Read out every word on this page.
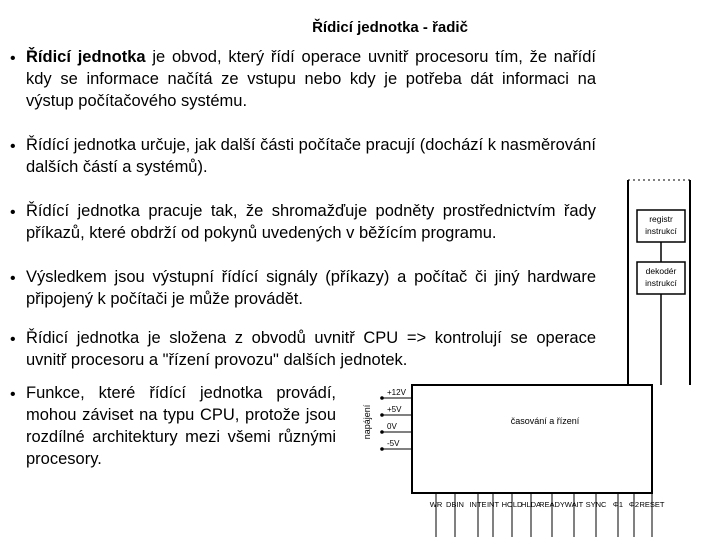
Řídicí jednotka - řadič
• Řídicí jednotka je obvod, který řídí operace uvnitř procesoru tím, že nařídí kdy se informace načítá ze vstupu nebo kdy je potřeba dát informaci na výstup počítačového systému.
• Řídící jednotka určuje, jak další části počítače pracují (dochází k nasměrování dalších částí a systémů).
• Řídící jednotka pracuje tak, že shromažďuje podněty prostřednictvím řady příkazů, které obdrží od pokynů uvedených v běžícím programu.
• Výsledkem jsou výstupní řídící signály (příkazy) a počítač či jiný hardware připojený k počítači je může provádět.
• Řídicí jednotka je složena z obvodů uvnitř CPU => kontrolují se operace uvnitř procesoru a "řízení provozu" dalších jednotek.
• Funkce, které řídící jednotka provádí, mohou záviset na typu CPU, protože jsou rozdílné architektury mezi všemi různými procesory.
registr
instrukcí
dekodér
instrukcí
časování a řízení
napájení
+12V
+5V
0V
-5V
WR DBIN INTE INT HOLD
HLDA
READY WAIT SYNC Φ1 Φ2 RESET
